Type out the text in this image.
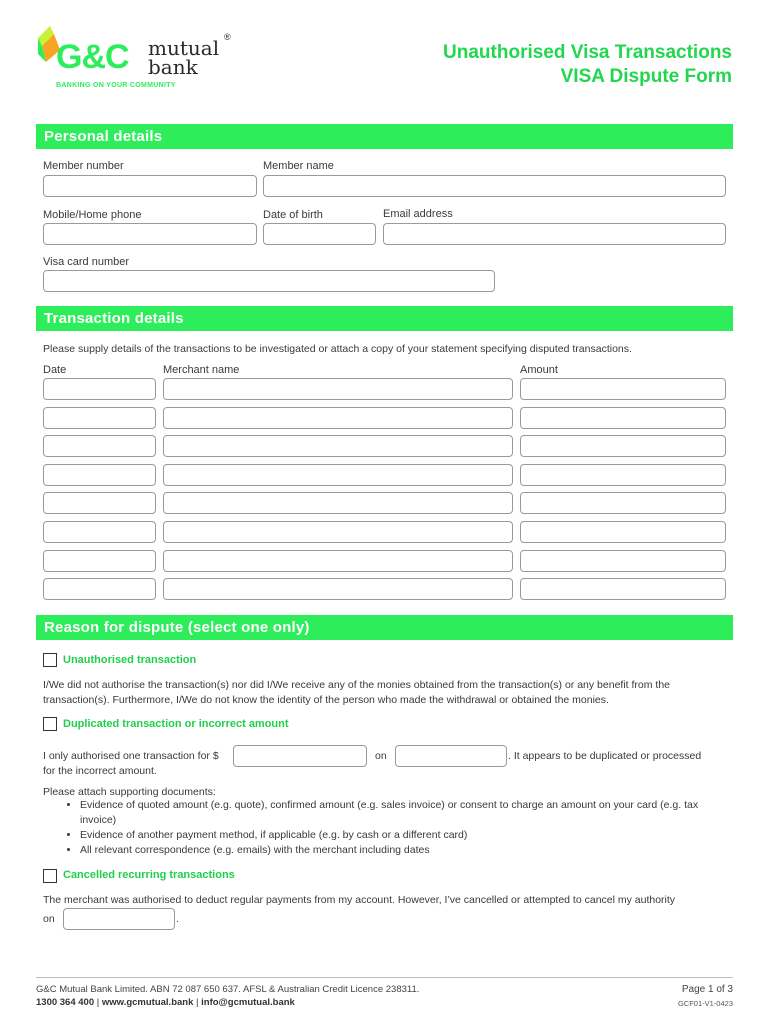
G&C mutual ®
bank
BANKING ON YOUR COMMUNITY
Unauthorised Visa Transactions
VISA Dispute Form
Personal details
Member number	Member name
Mobile/Home phone	Date of birth	Email address
Visa card number
Transaction details
Please supply details of the transactions to be investigated or attach a copy of your statement specifying disputed transactions.
Date	Merchant name	Amount
Reason for dispute (select one only)
Unauthorised transaction
I/We did not authorise the transaction(s) nor did I/We receive any of the monies obtained from the transaction(s) or any benefit from the transaction(s). Furthermore, I/We do not know the identity of the person who made the withdrawal or obtained the monies.
Duplicated transaction or incorrect amount
I only authorised one transaction for $	on	. It appears to be duplicated or processed
for the incorrect amount.
Please attach supporting documents:
• Evidence of quoted amount (e.g. quote), confirmed amount (e.g. sales invoice) or consent to charge an amount on your card (e.g. tax invoice)
• Evidence of another payment method, if applicable (e.g. by cash or a different card)
• All relevant correspondence (e.g. emails) with the merchant including dates
Cancelled recurring transactions
The merchant was authorised to deduct regular payments from my account. However, I’ve cancelled or attempted to cancel my authority
on	.
G&C Mutual Bank Limited. ABN 72 087 650 637. AFSL & Australian Credit Licence 238311.
1300 364 400 | www.gcmutual.bank | info@gcmutual.bank
Page 1 of 3
GCF01-V1-0423
